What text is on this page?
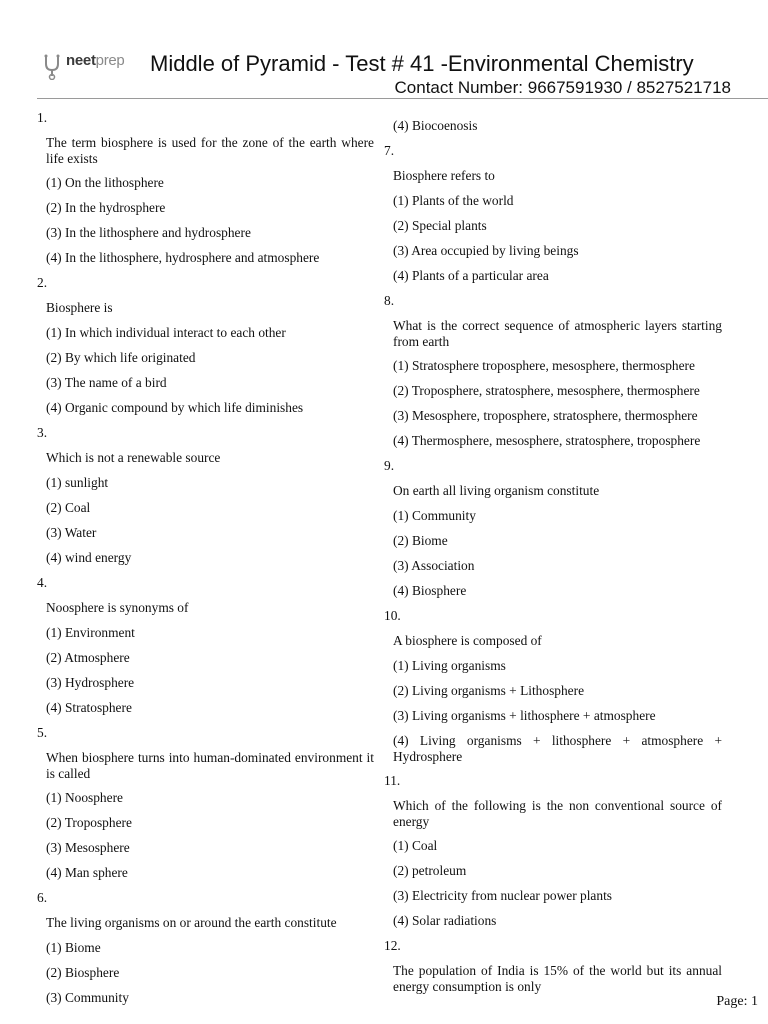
neetprep Middle of Pyramid - Test # 41 -Environmental Chemistry
Contact Number: 9667591930 / 8527521718
1.
The term biosphere is used for the zone of the earth where life exists
(1) On the lithosphere
(2) In the hydrosphere
(3) In the lithosphere and hydrosphere
(4) In the lithosphere, hydrosphere and atmosphere
2.
Biosphere is
(1) In which individual interact to each other
(2) By which life originated
(3) The name of a bird
(4) Organic compound by which life diminishes
3.
Which is not a renewable source
(1) sunlight
(2) Coal
(3) Water
(4) wind energy
4.
Noosphere is synonyms of
(1) Environment
(2) Atmosphere
(3) Hydrosphere
(4) Stratosphere
5.
When biosphere turns into human-dominated environment it is called
(1) Noosphere
(2) Troposphere
(3) Mesosphere
(4) Man sphere
6.
The living organisms on or around the earth constitute
(1) Biome
(2) Biosphere
(3) Community
(4) Biocoenosis
7.
Biosphere refers to
(1) Plants of the world
(2) Special plants
(3) Area occupied by living beings
(4) Plants of a particular area
8.
What is the correct sequence of atmospheric layers starting from earth
(1) Stratosphere troposphere, mesosphere, thermosphere
(2) Troposphere, stratosphere, mesosphere, thermosphere
(3) Mesosphere, troposphere, stratosphere, thermosphere
(4) Thermosphere, mesosphere, stratosphere, troposphere
9.
On earth all living organism constitute
(1) Community
(2) Biome
(3) Association
(4) Biosphere
10.
A biosphere is composed of
(1) Living organisms
(2) Living organisms + Lithosphere
(3) Living organisms + lithosphere + atmosphere
(4) Living organisms + lithosphere + atmosphere + Hydrosphere
11.
Which of the following is the non conventional source of energy
(1) Coal
(2) petroleum
(3) Electricity from nuclear power plants
(4) Solar radiations
12.
The population of India is 15% of the world but its annual energy consumption is only
Page: 1
